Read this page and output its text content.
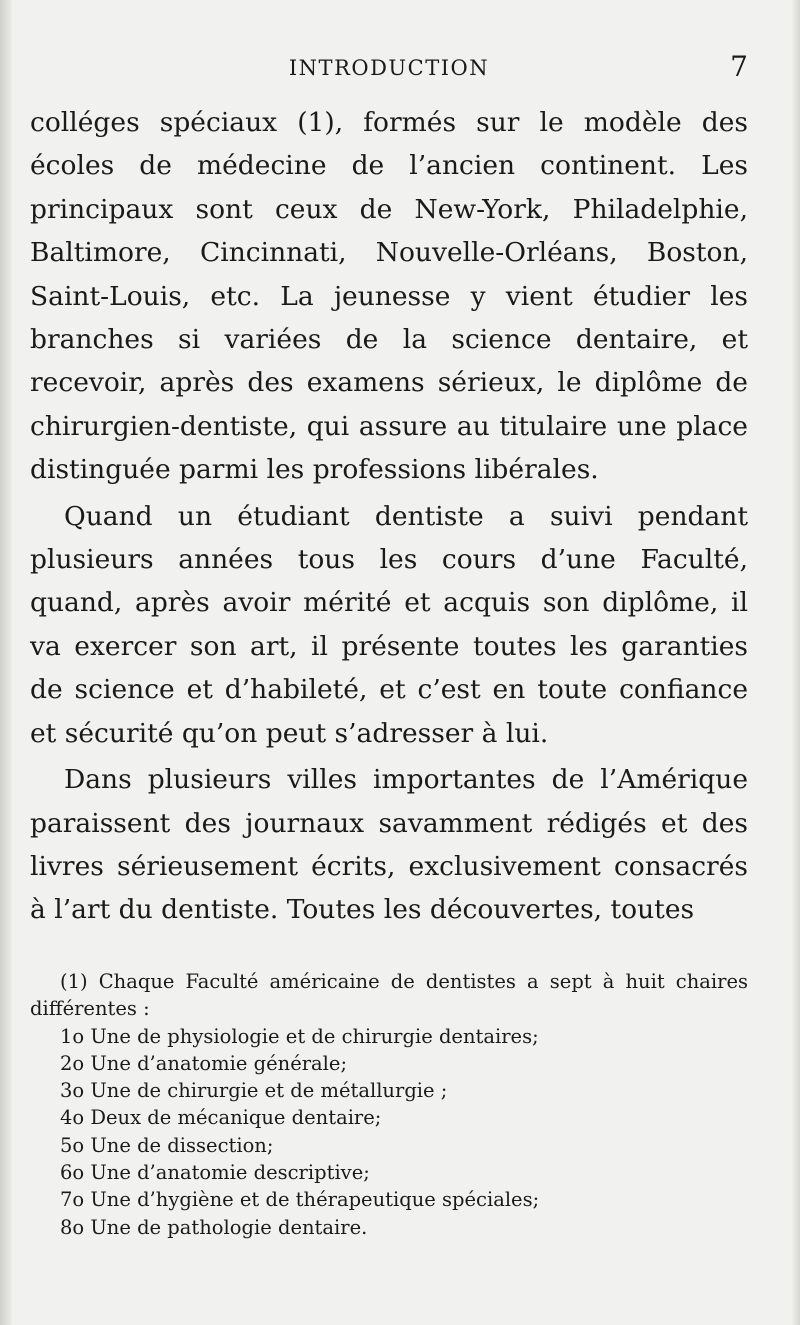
INTRODUCTION	7

colléges spéciaux (1), formés sur le modèle des écoles de médecine de l’ancien continent. Les principaux sont ceux de New-York, Philadelphie, Baltimore, Cincinnati, Nouvelle-Orléans, Boston, Saint-Louis, etc. La jeunesse y vient étudier les branches si variées de la science dentaire, et recevoir, après des examens sérieux, le diplôme de chirurgien-dentiste, qui assure au titulaire une place distinguée parmi les professions libérales.

Quand un étudiant dentiste a suivi pendant plusieurs années tous les cours d’une Faculté, quand, après avoir mérité et acquis son diplôme, il va exercer son art, il présente toutes les garanties de science et d’habileté, et c’est en toute confiance et sécurité qu’on peut s’adresser à lui.

Dans plusieurs villes importantes de l’Amérique paraissent des journaux savamment rédigés et des livres sérieusement écrits, exclusivement consacrés à l’art du dentiste. Toutes les découvertes, toutes

(1) Chaque Faculté américaine de dentistes a sept à huit chaires différentes :

1o Une de physiologie et de chirurgie dentaires;
2o Une d’anatomie générale;
3o Une de chirurgie et de métallurgie ;
4o Deux de mécanique dentaire;
5o Une de dissection;
6o Une d’anatomie descriptive;
7o Une d’hygiène et de thérapeutique spéciales;
8o Une de pathologie dentaire.
